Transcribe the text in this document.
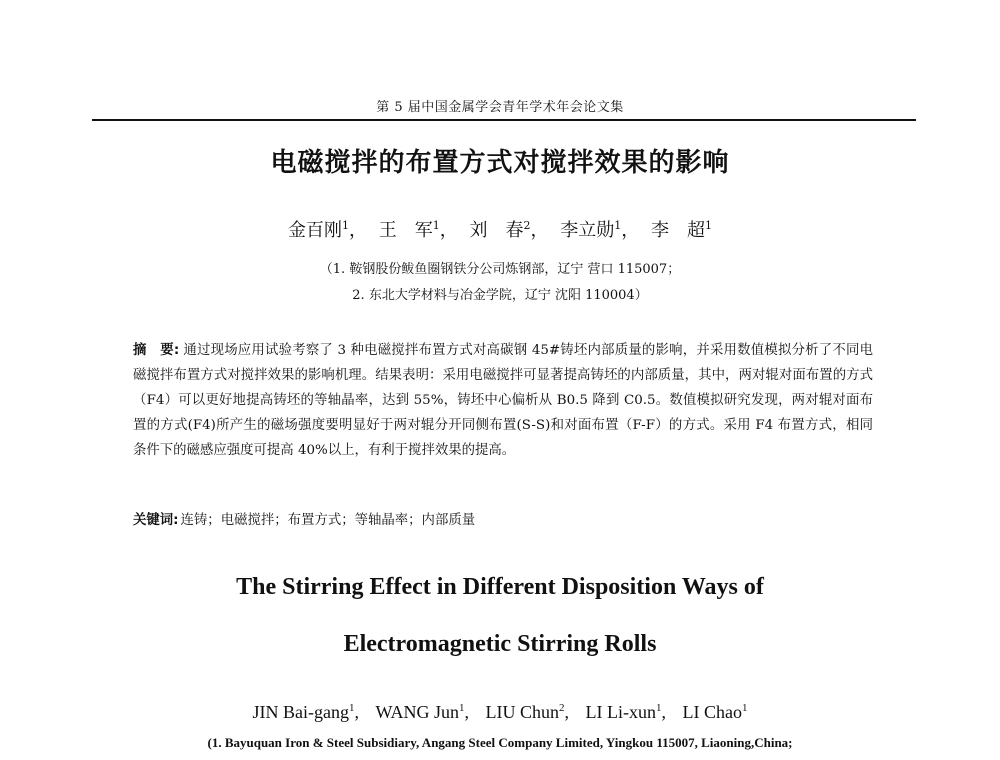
第 5 届中国金属学会青年学术年会论文集
电磁搅拌的布置方式对搅拌效果的影响
金百刚$^1$， 王　军$^1$， 刘　春$^2$， 李立勋$^1$， 李　超$^1$
（1. 鞍钢股份鲅鱼圈钢铁分公司炼钢部，辽宁 营口 115007；
2. 东北大学材料与冶金学院，辽宁 沈阳 110004）
摘　要: 通过现场应用试验考察了 3 种电磁搅拌布置方式对高碳钢 45#铸坯内部质量的影响，并采用数值模拟分析了不同电磁搅拌布置方式对搅拌效果的影响机理。结果表明：采用电磁搅拌可显著提高铸坯的内部质量，其中，两对辊对面布置的方式（F4）可以更好地提高铸坯的等轴晶率，达到 55%，铸坯中心偏析从 B0.5 降到 C0.5。数值模拟研究发现，两对辊对面布置的方式(F4)所产生的磁场强度要明显好于两对辊分开同侧布置(S-S)和对面布置（F-F）的方式。采用 F4 布置方式，相同条件下的磁感应强度可提高 40%以上，有利于搅拌效果的提高。
关键词: 连铸；电磁搅拌；布置方式；等轴晶率；内部质量
The Stirring Effect in Different Disposition Ways of
Electromagnetic Stirring Rolls
JIN Bai-gang$^1$, WANG Jun$^1$, LIU Chun$^2$, LI Li-xun$^1$, LI Chao$^1$
(1. Bayuquan Iron & Steel Subsidiary, Angang Steel Company Limited, Yingkou 115007, Liaoning,China;
